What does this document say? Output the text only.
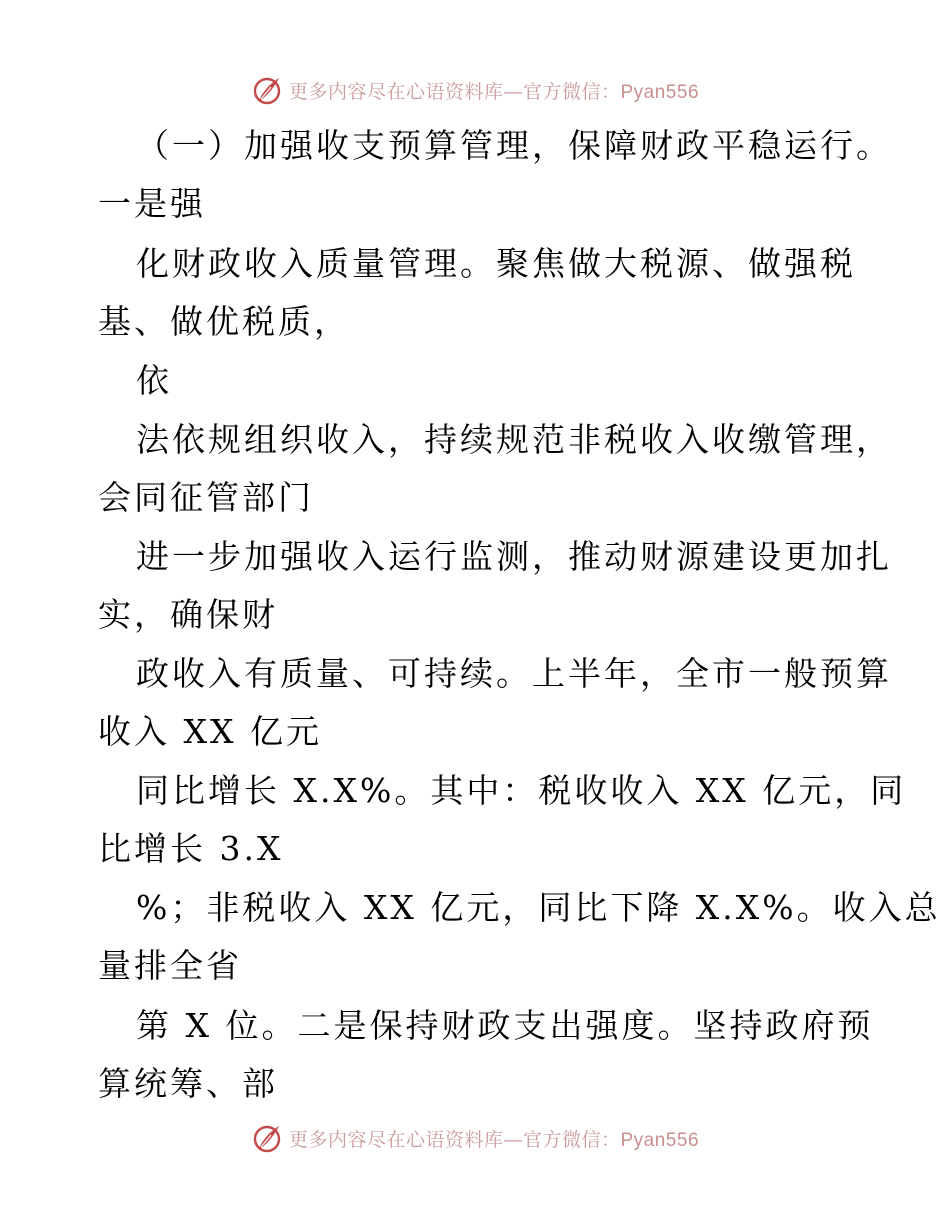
更多内容尽在心语资料库—官方微信：Pyan556
（一）加强收支预算管理，保障财政平稳运行。
一是强
化财政收入质量管理。聚焦做大税源、做强税
基、做优税质，
依
法依规组织收入，持续规范非税收入收缴管理，
会同征管部门
进一步加强收入运行监测，推动财源建设更加扎
实，确保财
政收入有质量、可持续。上半年，全市一般预算
收入 XX 亿元
同比增长 X.X%。其中：税收收入 XX 亿元，同
比增长 3.X
%；非税收入 XX 亿元，同比下降 X.X%。收入总
量排全省
第 X 位。二是保持财政支出强度。坚持政府预
算统筹、部
更多内容尽在心语资料库—官方微信：Pyan556
